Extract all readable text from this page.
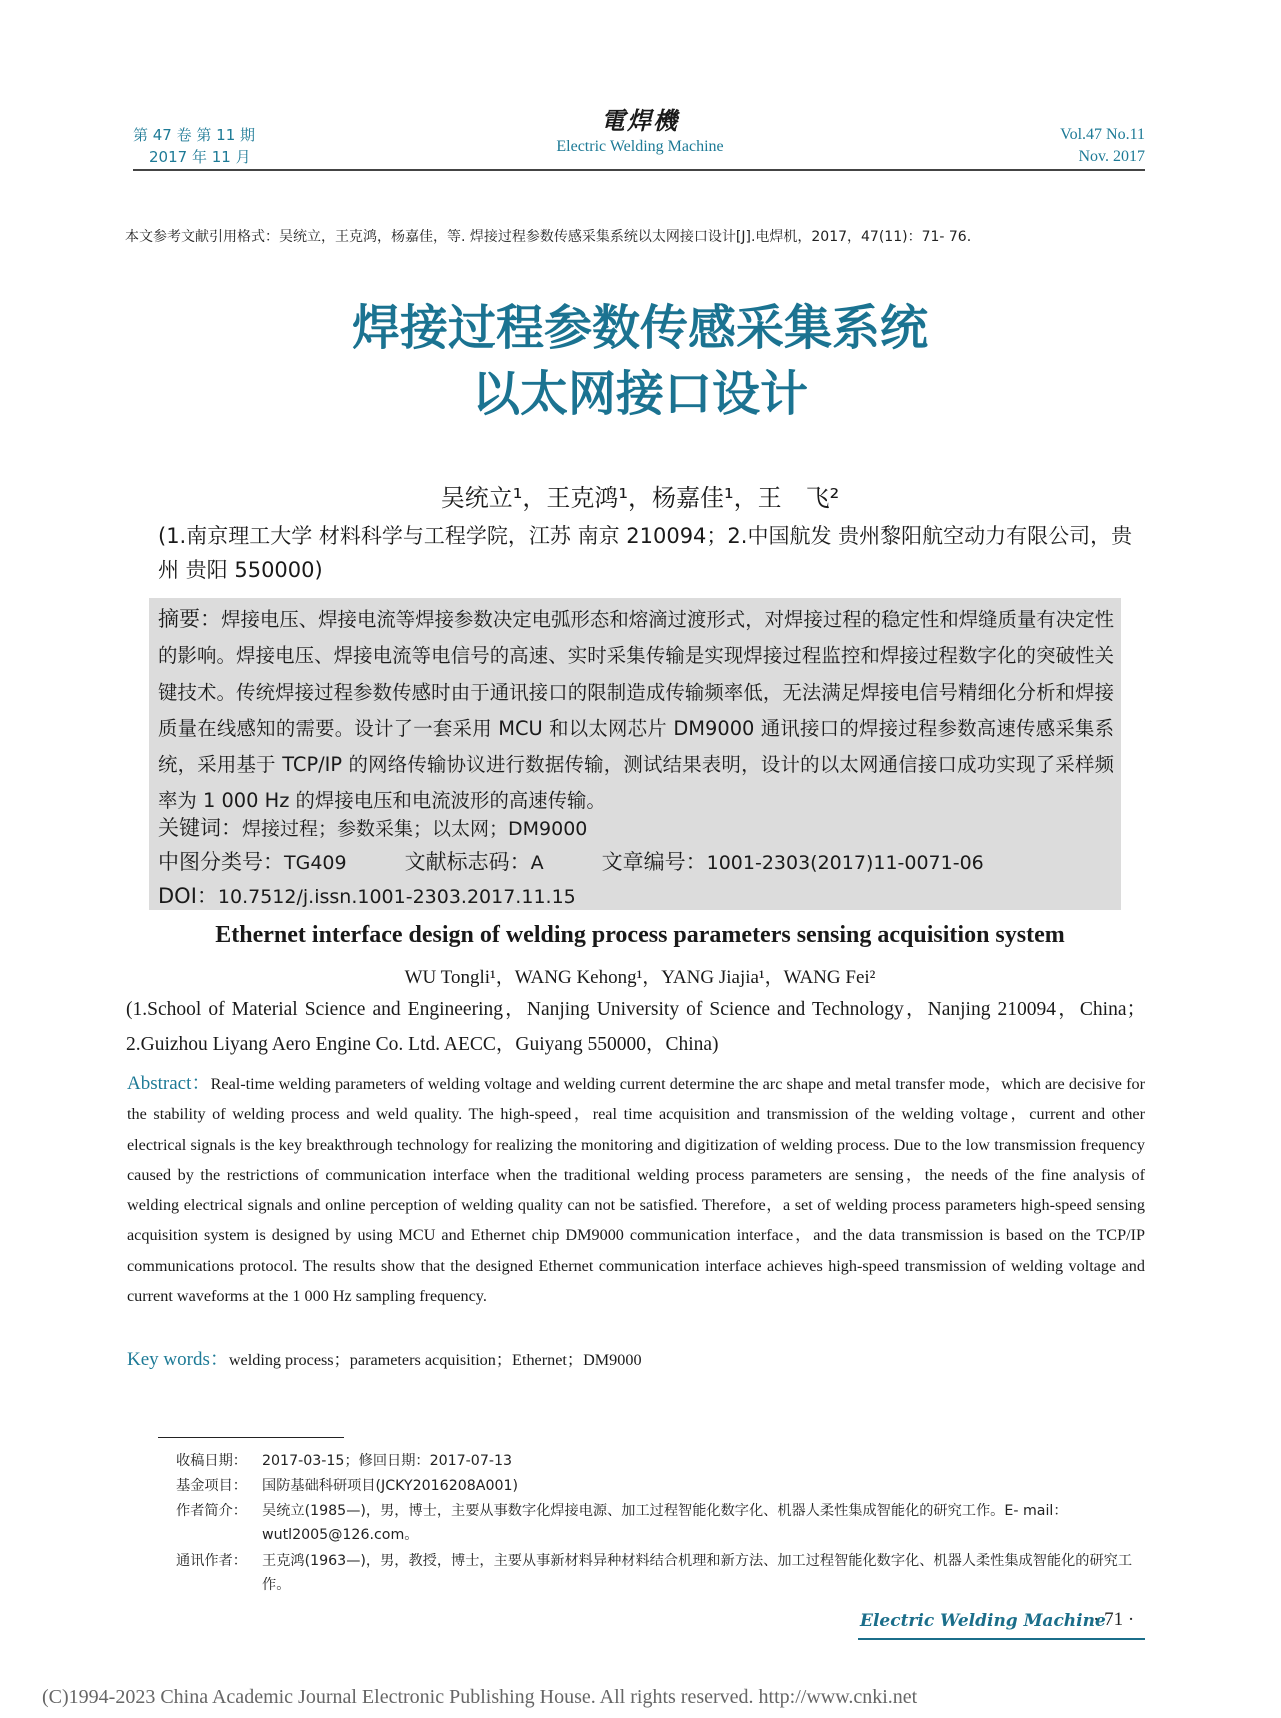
第 47 卷 第 11 期
2017 年 11 月
電焊機
Electric Welding Machine
Vol.47 No.11
Nov. 2017
本文参考文献引用格式：吴统立，王克鸿，杨嘉佳，等. 焊接过程参数传感采集系统以太网接口设计[J].电焊机，2017，47(11)：71- 76.
焊接过程参数传感采集系统
以太网接口设计
吴统立¹，王克鸿¹，杨嘉佳¹，王　飞²
(1.南京理工大学 材料科学与工程学院，江苏 南京 210094；2.中国航发 贵州黎阳航空动力有限公司，贵州 贵阳 550000)
摘要：焊接电压、焊接电流等焊接参数决定电弧形态和熔滴过渡形式，对焊接过程的稳定性和焊缝质量有决定性的影响。焊接电压、焊接电流等电信号的高速、实时采集传输是实现焊接过程监控和焊接过程数字化的突破性关键技术。传统焊接过程参数传感时由于通讯接口的限制造成传输频率低，无法满足焊接电信号精细化分析和焊接质量在线感知的需要。设计了一套采用 MCU 和以太网芯片 DM9000 通讯接口的焊接过程参数高速传感采集系统，采用基于 TCP/IP 的网络传输协议进行数据传输，测试结果表明，设计的以太网通信接口成功实现了采样频率为 1 000 Hz 的焊接电压和电流波形的高速传输。
关键词：焊接过程；参数采集；以太网；DM9000
中图分类号：TG409	文献标志码：A	文章编号：1001-2303(2017)11-0071-06
DOI：10.7512/j.issn.1001-2303.2017.11.15
Ethernet interface design of welding process parameters sensing acquisition system
WU Tongli¹，WANG Kehong¹，YANG Jiajia¹，WANG Fei²
(1.School of Material Science and Engineering，Nanjing University of Science and Technology，Nanjing 210094，China；2.Guizhou Liyang Aero Engine Co. Ltd. AECC，Guiyang 550000，China)
Abstract：Real-time welding parameters of welding voltage and welding current determine the arc shape and metal transfer mode，which are decisive for the stability of welding process and weld quality. The high-speed，real time acquisition and transmission of the welding voltage，current and other electrical signals is the key breakthrough technology for realizing the monitoring and digitization of welding process. Due to the low transmission frequency caused by the restrictions of communication interface when the traditional welding process parameters are sensing，the needs of the fine analysis of welding electrical signals and online perception of welding quality can not be satisfied. Therefore，a set of welding process parameters high-speed sensing acquisition system is designed by using MCU and Ethernet chip DM9000 communication interface，and the data transmission is based on the TCP/IP communications protocol. The results show that the designed Ethernet communication interface achieves high-speed transmission of welding voltage and current waveforms at the 1 000 Hz sampling frequency.
Key words：welding process；parameters acquisition；Ethernet；DM9000
收稿日期：	2017-03-15；修回日期：2017-07-13
基金项目：	国防基础科研项目(JCKY2016208A001)
作者简介：	吴统立(1985—)，男，博士，主要从事数字化焊接电源、加工过程智能化数字化、机器人柔性集成智能化的研究工作。E- mail：wutl2005@126.com。
通讯作者：	王克鸿(1963—)，男，教授，博士，主要从事新材料异种材料结合机理和新方法、加工过程智能化数字化、机器人柔性集成智能化的研究工作。
Electric Welding Machine
· 71 ·
(C)1994-2023 China Academic Journal Electronic Publishing House. All rights reserved. http://www.cnki.net
